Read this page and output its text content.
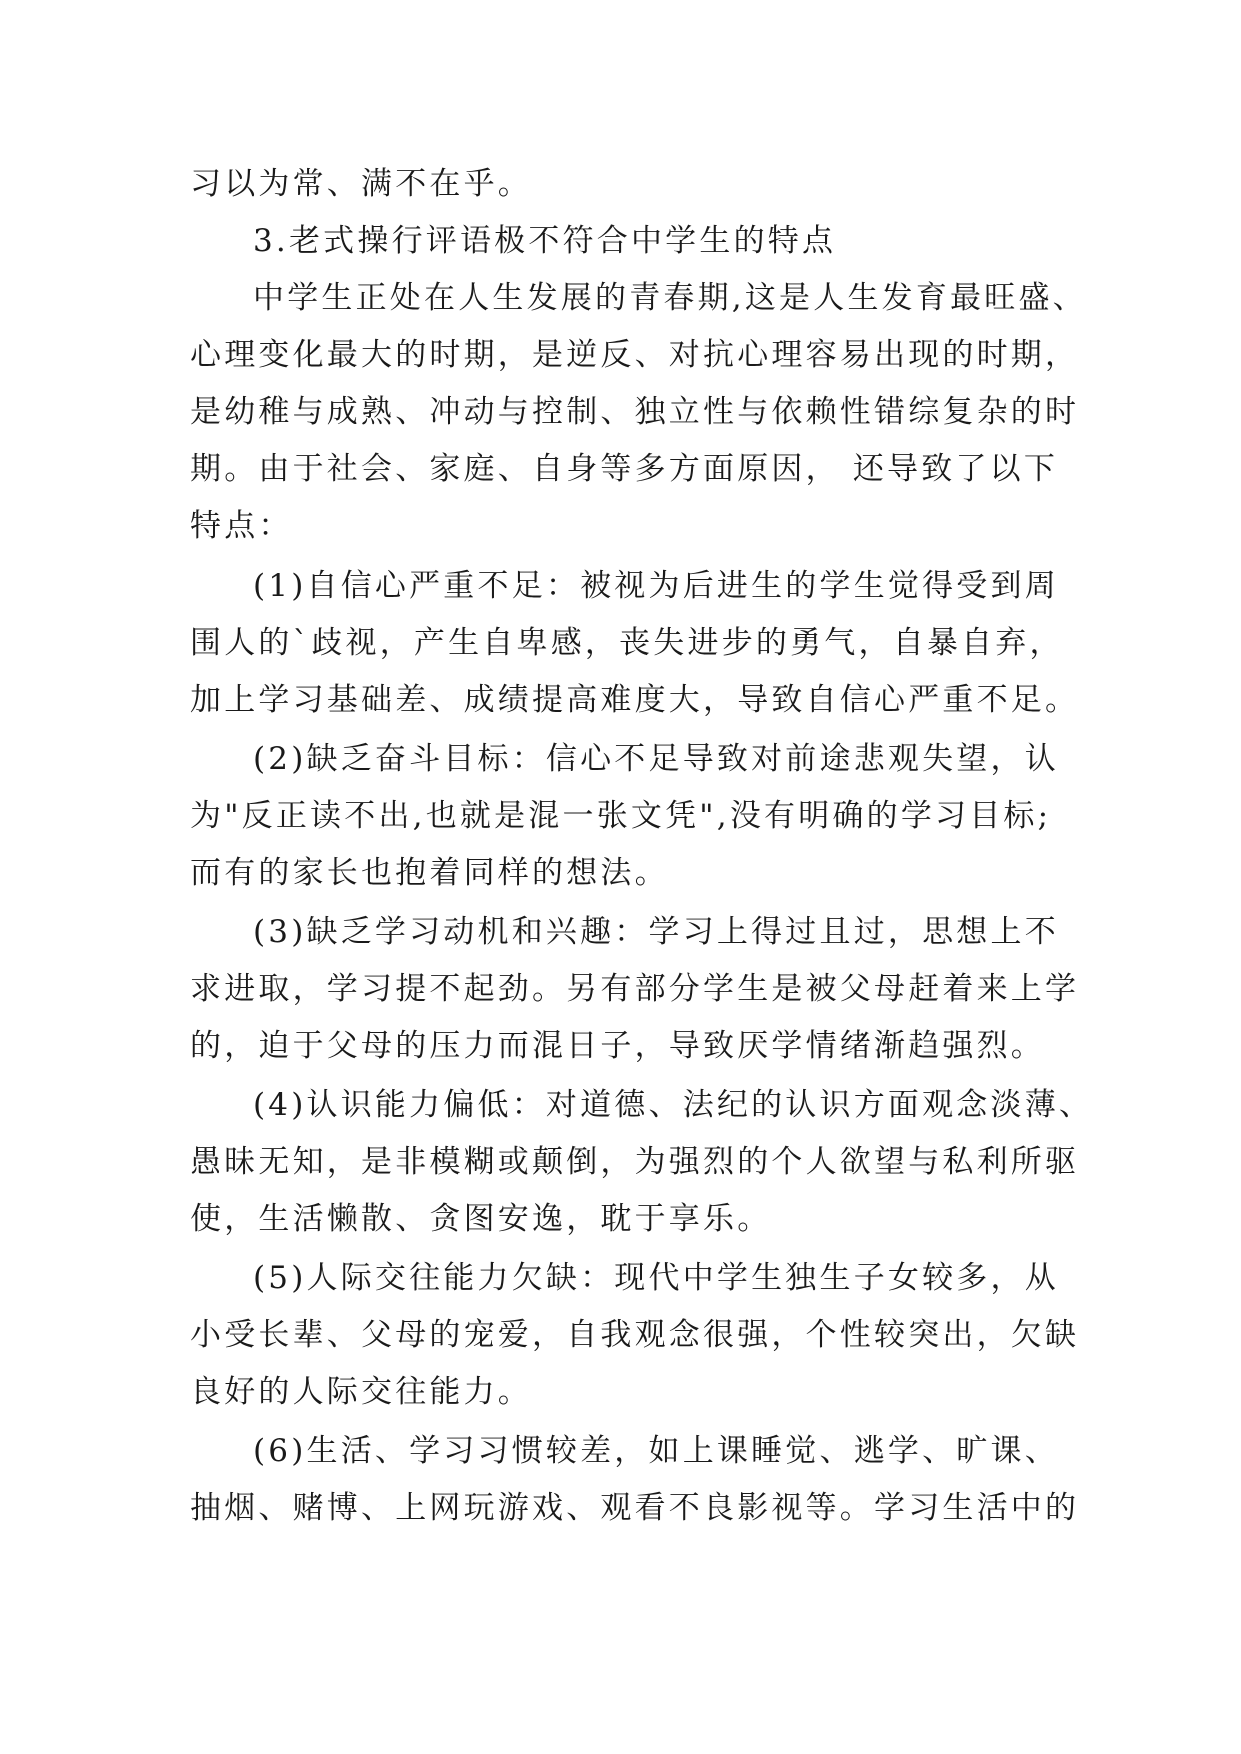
习以为常、满不在乎。
3.老式操行评语极不符合中学生的特点
中学生正处在人生发展的青春期,这是人生发育最旺盛、
心理变化最大的时期，是逆反、对抗心理容易出现的时期，
是幼稚与成熟、冲动与控制、独立性与依赖性错综复杂的时
期。由于社会、家庭、自身等多方面原因， 还导致了以下
特点：
(1)自信心严重不足：被视为后进生的学生觉得受到周
围人的`歧视，产生自卑感，丧失进步的勇气，自暴自弃，
加上学习基础差、成绩提高难度大，导致自信心严重不足。
(2)缺乏奋斗目标：信心不足导致对前途悲观失望，认
为"反正读不出,也就是混一张文凭",没有明确的学习目标;
而有的家长也抱着同样的想法。
(3)缺乏学习动机和兴趣：学习上得过且过，思想上不
求进取，学习提不起劲。另有部分学生是被父母赶着来上学
的，迫于父母的压力而混日子，导致厌学情绪渐趋强烈。
(4)认识能力偏低：对道德、法纪的认识方面观念淡薄、
愚昧无知，是非模糊或颠倒，为强烈的个人欲望与私利所驱
使，生活懒散、贪图安逸，耽于享乐。
(5)人际交往能力欠缺：现代中学生独生子女较多，从
小受长辈、父母的宠爱，自我观念很强，个性较突出，欠缺
良好的人际交往能力。
(6)生活、学习习惯较差，如上课睡觉、逃学、旷课、
抽烟、赌博、上网玩游戏、观看不良影视等。学习生活中的
